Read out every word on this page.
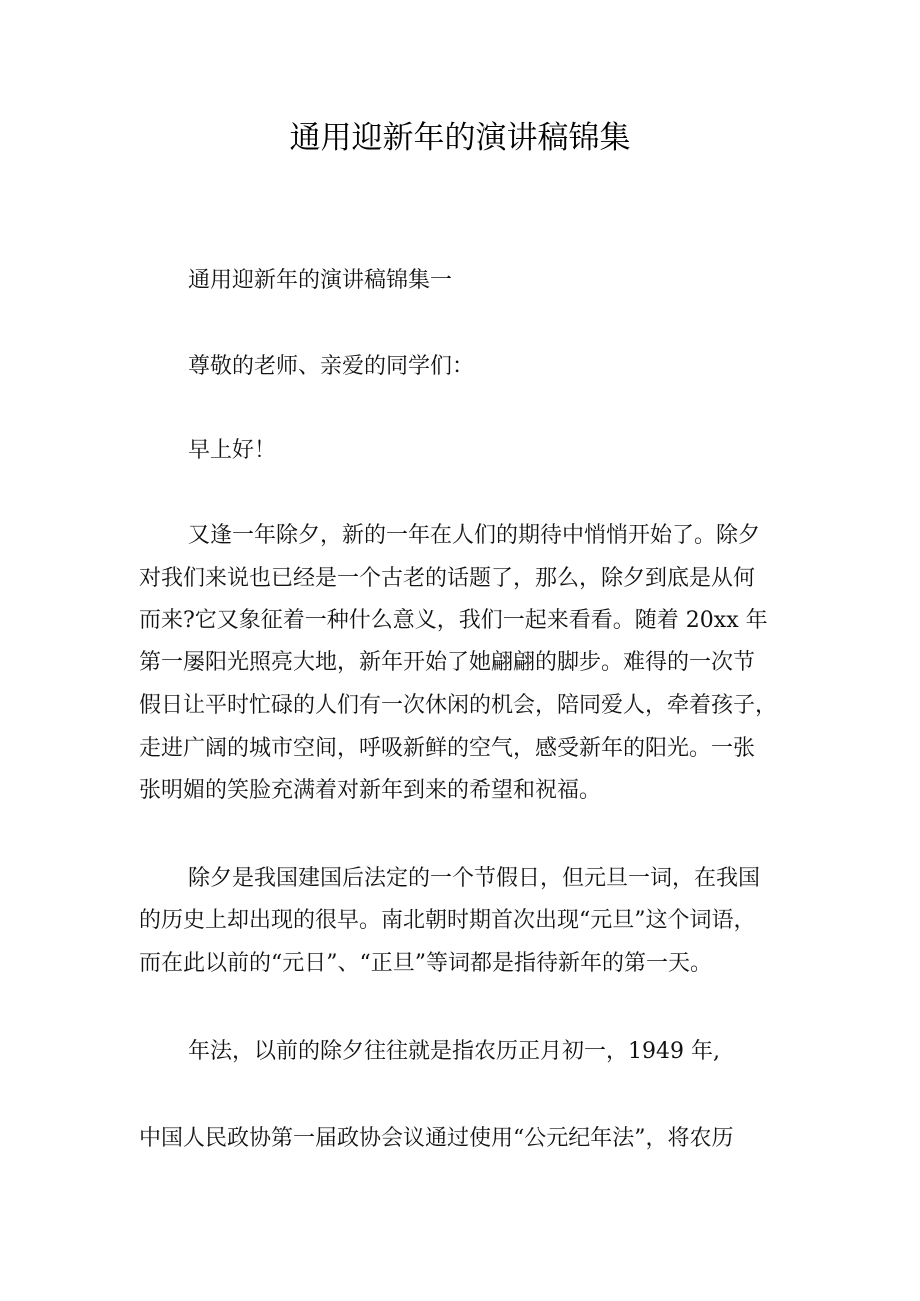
通用迎新年的演讲稿锦集
通用迎新年的演讲稿锦集一
尊敬的老师、亲爱的同学们：
早上好！
又逢一年除夕，新的一年在人们的期待中悄悄开始了。除夕
对我们来说也已经是一个古老的话题了，那么，除夕到底是从何
而来?它又象征着一种什么意义，我们一起来看看。随着 20xx 年
第一屡阳光照亮大地，新年开始了她翩翩的脚步。难得的一次节
假日让平时忙碌的人们有一次休闲的机会，陪同爱人，牵着孩子，
走进广阔的城市空间，呼吸新鲜的空气，感受新年的阳光。一张
张明媚的笑脸充满着对新年到来的希望和祝福。
除夕是我国建国后法定的一个节假日，但元旦一词，在我国
的历史上却出现的很早。南北朝时期首次出现“元旦”这个词语，
而在此以前的“元日”、“正旦”等词都是指待新年的第一天。
年法，以前的除夕往往就是指农历正月初一，1949 年,
中国人民政协第一届政协会议通过使用“公元纪年法”，将农历
